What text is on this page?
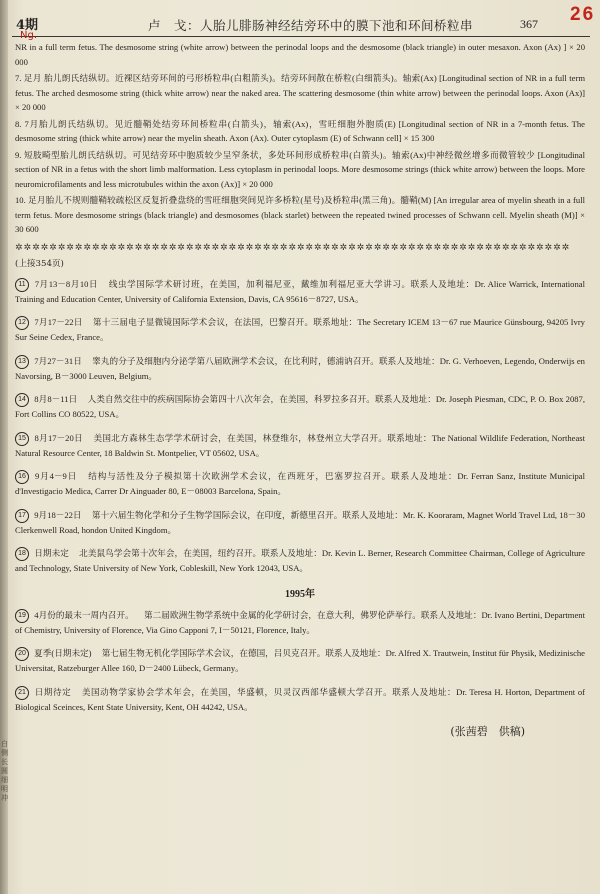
白 侧 长 圆 细 明 冲
4期
Ng.
卢　戈：人胎儿腓肠神经结旁环中的膜下池和环间桥粒串	367 26

NR in a full term fetus. The desmosome string (white arrow) between the perinodal loops and the desmosome (black triangle) in outer mesaxon. Axon (Ax) ] × 20 000

7. 足月 胎儿朗氏结纵切。近裸区结旁环间的弓形桥粒串(白粗箭头)。结旁环间散在桥粒(白细箭头)。轴索(Ax) [Longitudinal section of NR in a full term fetus. The arched desmosome string (thick white arrow) near the naked area. The scattering desmosome (thin white arrow) between the perinodal loops. Axon (Ax)] × 20 000

8. 7月胎儿朗氏结纵切。见近髓鞘处结旁环间桥粒串(白箭头)，轴索(Ax)，雪旺细胞外胞质(E) [Longitudinal section of NR in a 7-month fetus. The desmosome string (thick white arrow) near the myelin sheath. Axon (Ax). Outer cytoplasm (E) of Schwann cell] × 15 300

9. 短肢畸型胎儿朗氏结纵切。可见结旁环中胞质较少呈窄条状，多处环间形成桥粒串(白箭头)。轴索(Ax)中神经微丝增多而微管较少 [Longitudinal section of NR in a fetus with the short limb malformation. Less cytoplasm in perinodal loops. More desmosome strings (thick white arrow) between the loops. More neuromicrofilaments and less microtubules within the axon (Ax)] × 20 000

10. 足月胎儿不规则髓鞘较疏松区反复折叠盘绕的雪旺细胞突间见许多桥粒(星号)及桥粒串(黑三角)。髓鞘(M) [An irregular area of myelin sheath in a full term fetus. More desmosome strings (black triangle) and desmosomes (black starlet) between the repeated twined processes of Schwann cell. Myelin sheath (M)] × 30 600

✲✲✲✲✲✲✲✲✲✲✲✲✲✲✲✲✲✲✲✲✲✲✲✲✲✲✲✲✲✲✲✲✲✲✲✲✲✲✲✲✲✲✲✲✲✲✲✲✲✲✲✲✲✲✲✲✲✲✲✲✲✲✲✲✲
(上接354页)
11 7月13－8月10日 线虫学国际学术研讨班，在美国，加利福尼亚，戴维加利福尼亚大学讲习。联系人及地址：Dr. Alice Warrick, International Training and Education Center, University of California Extension, Davis, CA 95616－8727, USA。
12 7月17－22日 第十三届电子显微镜国际学术会议，在法国，巴黎召开。联系地址：The Secretary ICEM 13－67 rue Maurice Günsbourg, 94205 Ivry Sur Seine Cedex, France。
13 7月27－31日 睾丸的分子及细胞内分泌学第八届欧洲学术会议，在比利时，德浦讷召开。联系人及地址：Dr. G. Verhoeven, Legendo, Onderwijs en Navorsing, B－3000 Leuven, Belgium。
14 8月8－11日 人类自然交往中的疾病国际协会第四十八次年会，在美国，科罗拉多召开。联系人及地址：Dr. Joseph Piesman, CDC, P. O. Box 2087, Fort Collins CO 80522, USA。
15 8月17－20日 美国北方森林生态学学术研讨会，在美国，林登维尔，林登州立大学召开。联系地址：The National Wildlife Federation, Northeast Natural Resource Center, 18 Baldwin St. Montpelier, VT 05602, USA。
16 9月4－9日 结构与活性及分子模拟第十次欧洲学术会议，在西班牙，巴塞罗拉召开。联系人及地址：Dr. Ferran Sanz, Institute Municipal d'Investigacio Medica, Carrer Dr Ainguader 80, E－08003 Barcelona, Spain。
17 9月18－22日 第十六届生物化学和分子生物学国际会议，在印度，新德里召开。联系人及地址：Mr. K. Kooraram, Magnet World Travel Ltd, 18－30 Clerkenwell Road, hondon United Kingdom。
18 日期未定 北美鼠鸟学会第十次年会，在美国，纽约召开。联系人及地址：Dr. Kevin L. Berner, Research Committee Chairman, College of Agriculture and Technology, State University of New York, Cobleskill, New York 12043, USA。
1995年
19 4月份的最末一周内召开。 第二届欧洲生物学系统中金属的化学研讨会，在意大利，佛罗伦萨举行。联系人及地址：Dr. Ivano Bertini, Department of Chemistry, University of Florence, Via Gino Capponi 7, I－50121, Florence, Italy。
20 夏季(日期未定) 第七届生物无机化学国际学术会议，在德国，吕贝克召开。联系人及地址：Dr. Alfred X. Trautwein, Institut für Physik, Medizinische Universitat, Ratzeburger Allee 160, D－2400 Lübeck, Germany。
21 日期待定 美国动物学家协会学术年会，在美国，华盛顿，贝灵汉西部华盛顿大学召开。联系人及地址：Dr. Teresa H. Horton, Department of Biological Sceinces, Kent State University, Kent, OH 44242, USA。
(张茜碧　供稿)
